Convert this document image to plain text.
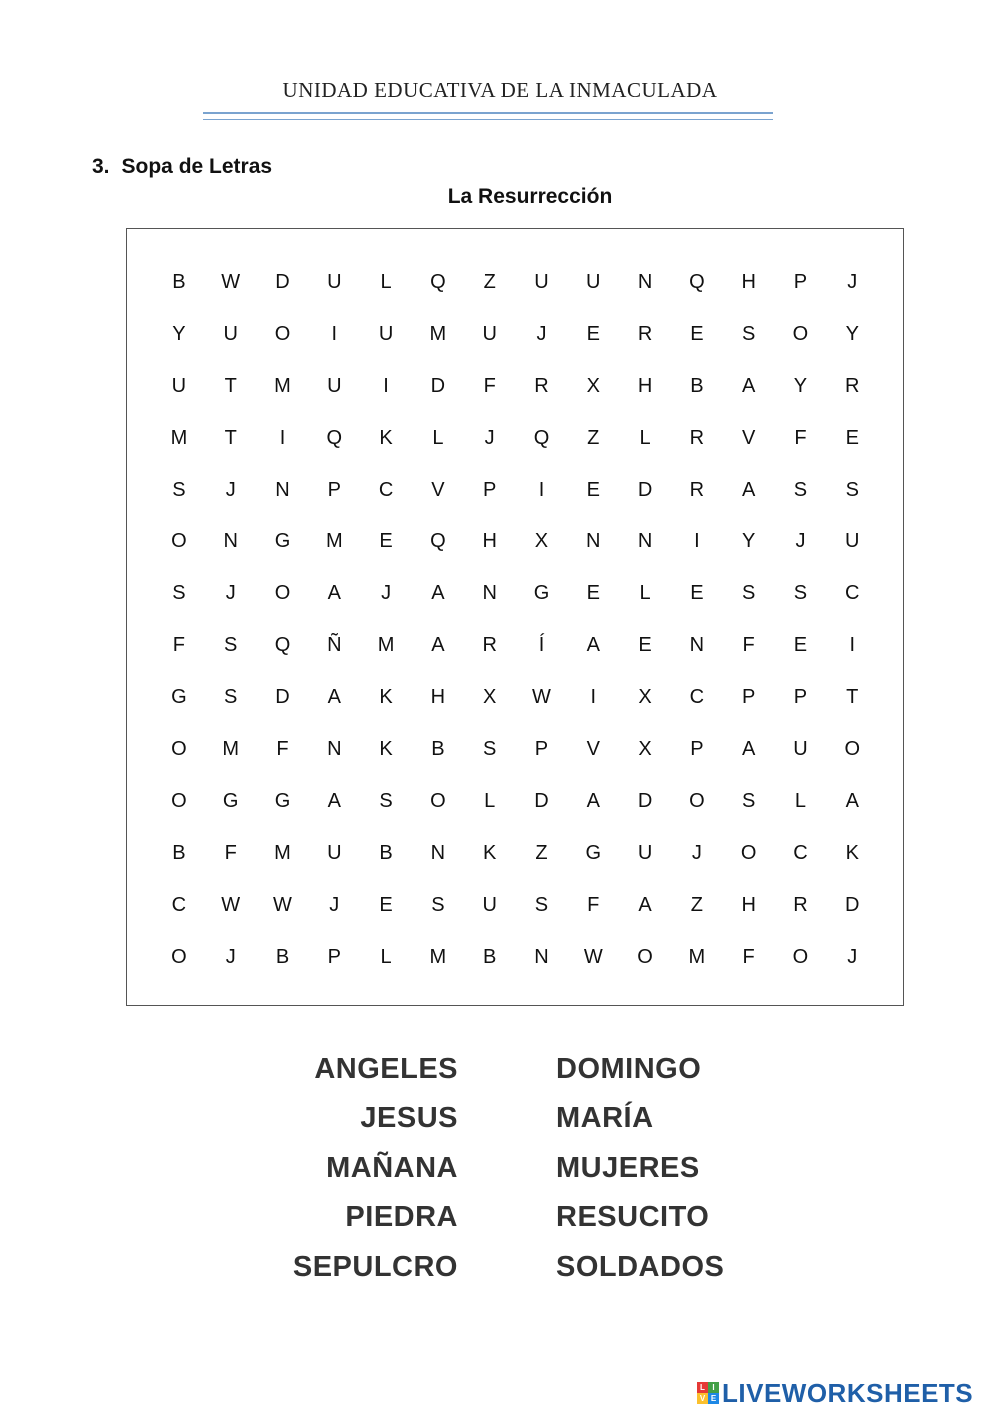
UNIDAD EDUCATIVA DE LA INMACULADA
3. Sopa de Letras
La Resurrección
B	W	D	U	L	Q	Z	U	U	N	Q	H	P	J
Y	U	O	I	U	M	U	J	E	R	E	S	O	Y
U	T	M	U	I	D	F	R	X	H	B	A	Y	R
M	T	I	Q	K	L	J	Q	Z	L	R	V	F	E
S	J	N	P	C	V	P	I	E	D	R	A	S	S
O	N	G	M	E	Q	H	X	N	N	I	Y	J	U
S	J	O	A	J	A	N	G	E	L	E	S	S	C
F	S	Q	Ñ	M	A	R	Í	A	E	N	F	E	I
G	S	D	A	K	H	X	W	I	X	C	P	P	T
O	M	F	N	K	B	S	P	V	X	P	A	U	O
O	G	G	A	S	O	L	D	A	D	O	S	L	A
B	F	M	U	B	N	K	Z	G	U	J	O	C	K
C	W	W	J	E	S	U	S	F	A	Z	H	R	D
O	J	B	P	L	M	B	N	W	O	M	F	O	J
ANGELES
JESUS
MAÑANA
PIEDRA
SEPULCRO
DOMINGO
MARÍA
MUJERES
RESUCITO
SOLDADOS
L I
V E LIVEWORKSHEETS
